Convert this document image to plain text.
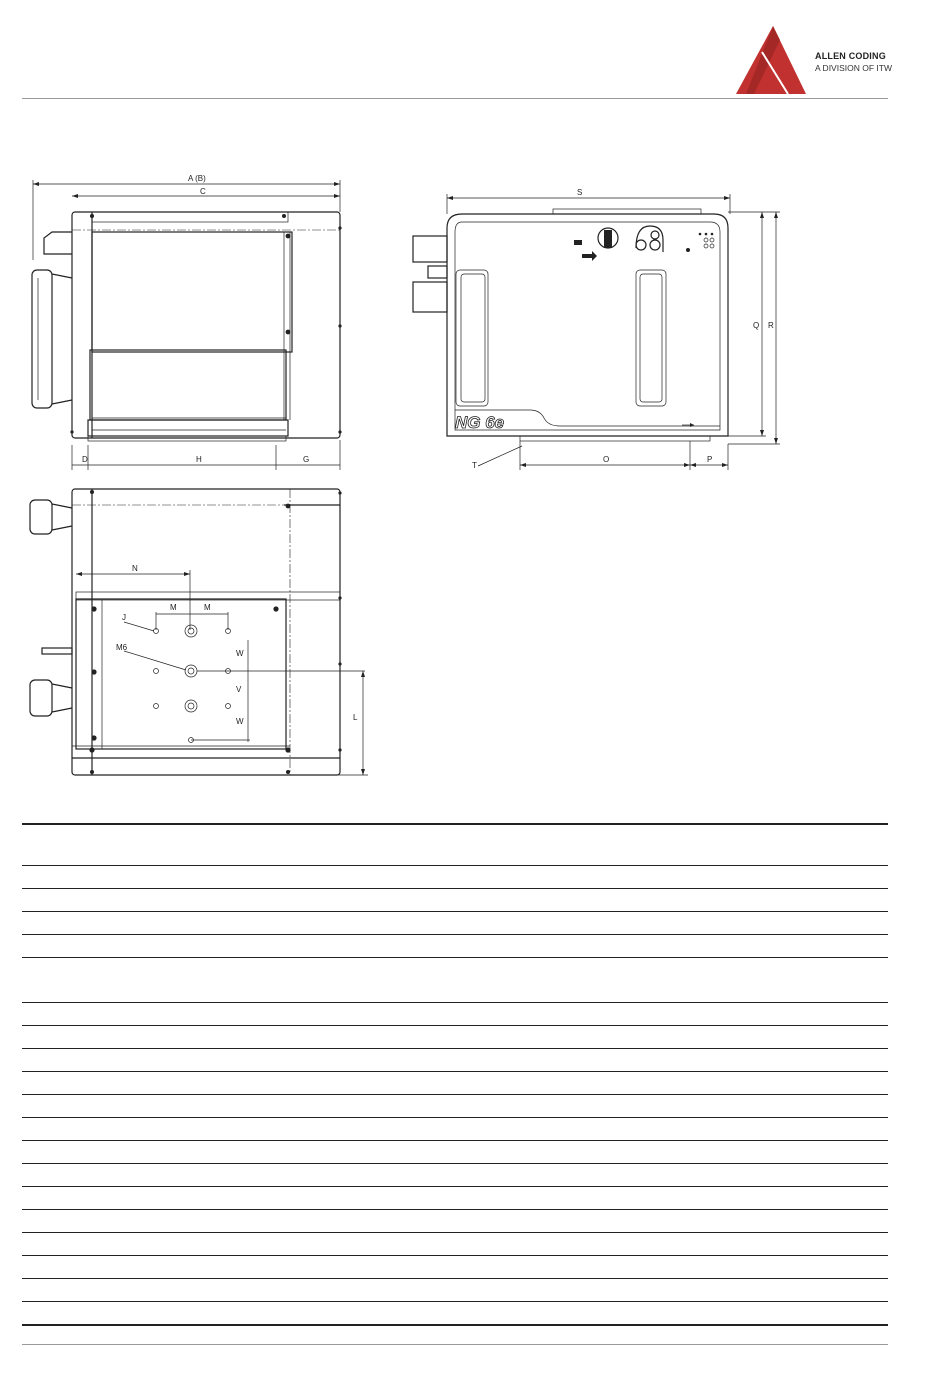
ALLEN CODING
A DIVISION OF ITW
A (B)
C
D	H	G
S
NG 6e
Q R
O	P
T
N
M	M
J
M6
W
V
W	L
